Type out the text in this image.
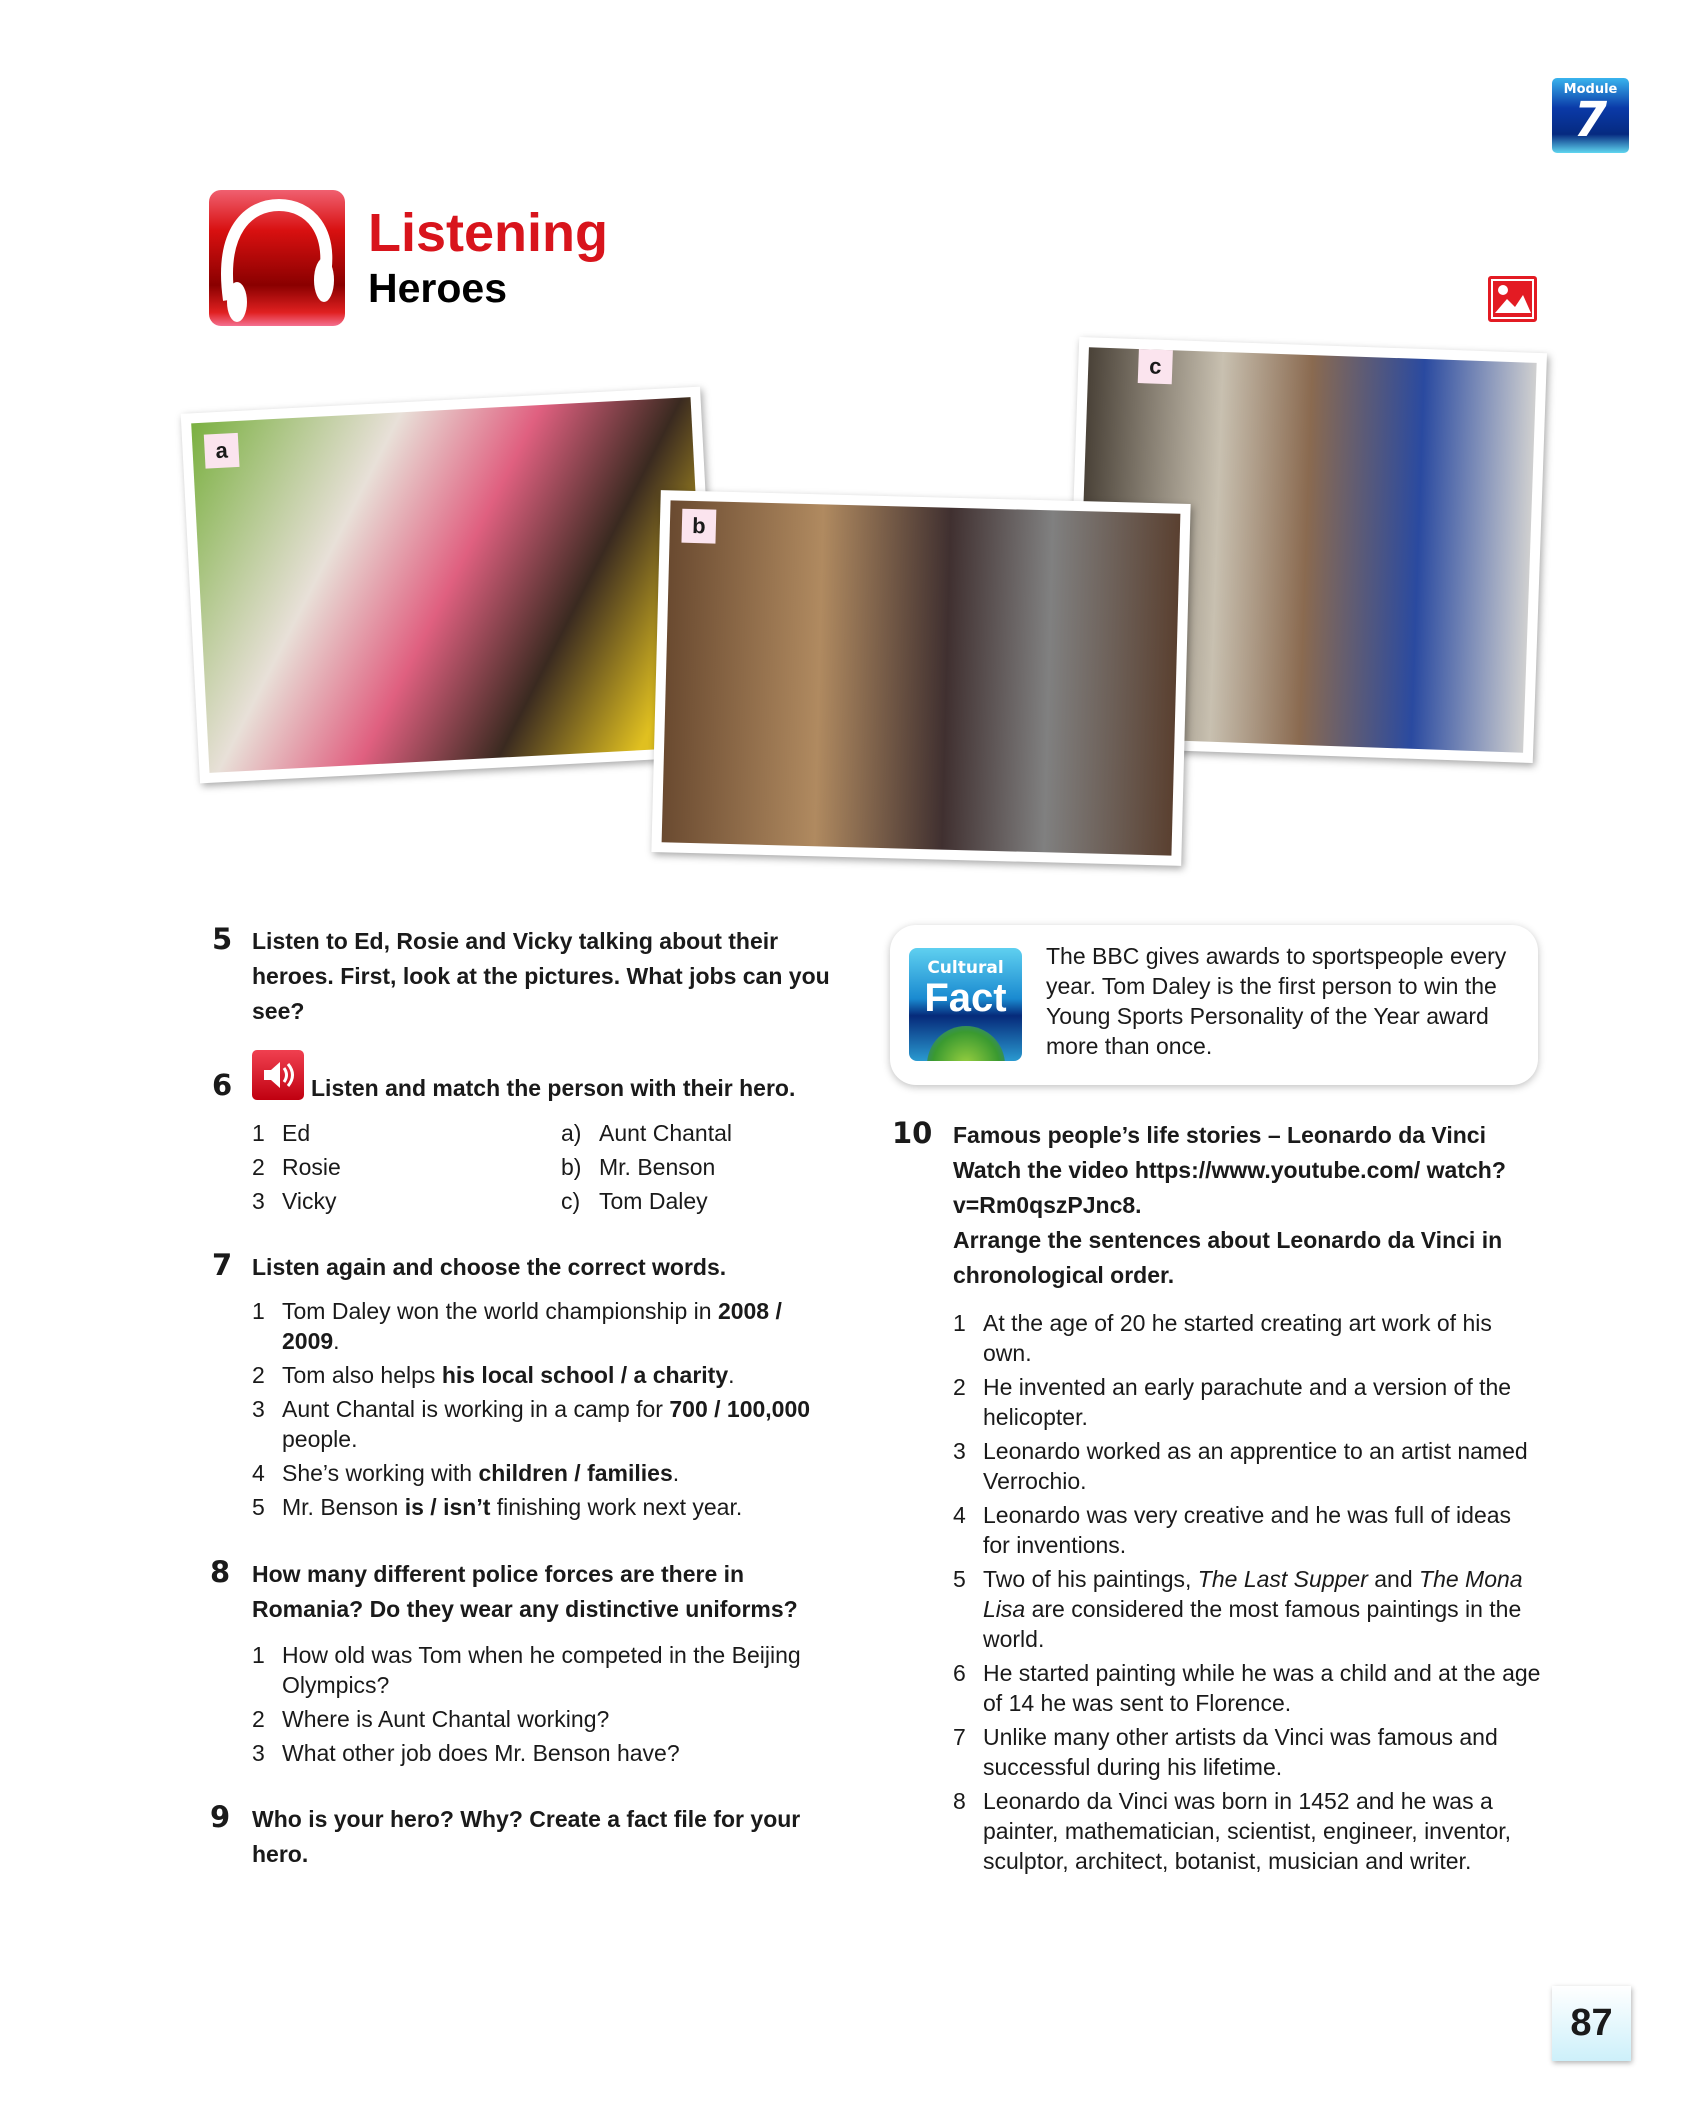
Module
7
Listening
Heroes
a
c
b
5 Listen to Ed, Rosie and Vicky talking about their heroes. First, look at the pictures. What jobs can you see?
6	Listen and match the person with their hero.
1 Ed
2 Rosie
3 Vicky
a) Aunt Chantal
b) Mr. Benson
c) Tom Daley
7 Listen again and choose the correct words.
1 Tom Daley won the world championship in 2008 / 2009.
2 Tom also helps his local school / a charity.
3 Aunt Chantal is working in a camp for 700 / 100,000 people.
4 She’s working with children / families.
5 Mr. Benson is / isn’t finishing work next year.
8 How many different police forces are there in Romania? Do they wear any distinctive uniforms?
1 How old was Tom when he competed in the Beijing Olympics?
2 Where is Aunt Chantal working?
3 What other job does Mr. Benson have?
9 Who is your hero? Why? Create a fact file for your hero.
Cultural
Fact
The BBC gives awards to sportspeople every year. Tom Daley is the first person to win the Young Sports Personality of the Year award more than once.
10 Famous people’s life stories – Leonardo da Vinci
Watch the video https://www.youtube.com/ watch?v=Rm0qszPJnc8.
Arrange the sentences about Leonardo da Vinci in chronological order.
1 At the age of 20 he started creating art work of his own.
2 He invented an early parachute and a version of the helicopter.
3 Leonardo worked as an apprentice to an artist named Verrochio.
4 Leonardo was very creative and he was full of ideas for inventions.
5 Two of his paintings, The Last Supper and The Mona Lisa are considered the most famous paintings in the world.
6 He started painting while he was a child and at the age of 14 he was sent to Florence.
7 Unlike many other artists da Vinci was famous and successful during his lifetime.
8 Leonardo da Vinci was born in 1452 and he was a painter, mathematician, scientist, engineer, inventor, sculptor, architect, botanist, musician and writer.
87
